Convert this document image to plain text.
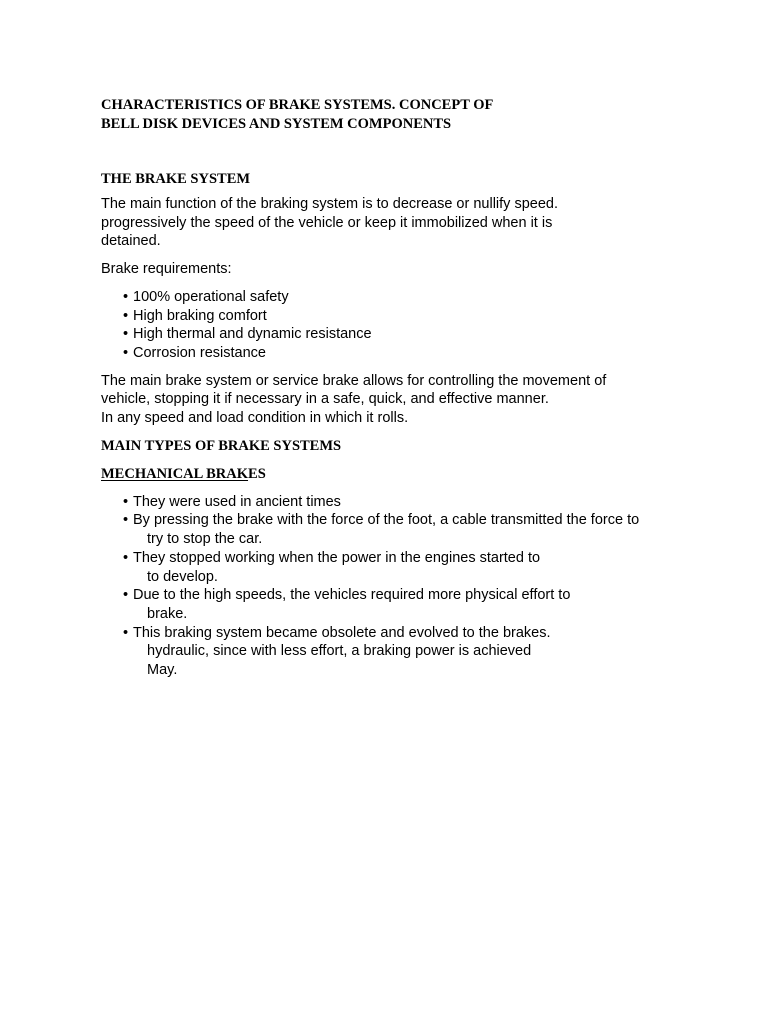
CHARACTERISTICS OF BRAKE SYSTEMS. CONCEPT OF
BELL DISK DEVICES AND SYSTEM COMPONENTS
THE BRAKE SYSTEM
The main function of the braking system is to decrease or nullify speed.
progressively the speed of the vehicle or keep it immobilized when it is
detained.
Brake requirements:
• 100% operational safety
• High braking comfort
• High thermal and dynamic resistance
• Corrosion resistance
The main brake system or service brake allows for controlling the movement of
vehicle, stopping it if necessary in a safe, quick, and effective manner.
In any speed and load condition in which it rolls.
MAIN TYPES OF BRAKE SYSTEMS
MECHANICAL BRAKES
• They were used in ancient times
• By pressing the brake with the force of the foot, a cable transmitted the force to
try to stop the car.
• They stopped working when the power in the engines started to
to develop.
• Due to the high speeds, the vehicles required more physical effort to
brake.
• This braking system became obsolete and evolved to the brakes.
hydraulic, since with less effort, a braking power is achieved
May.
